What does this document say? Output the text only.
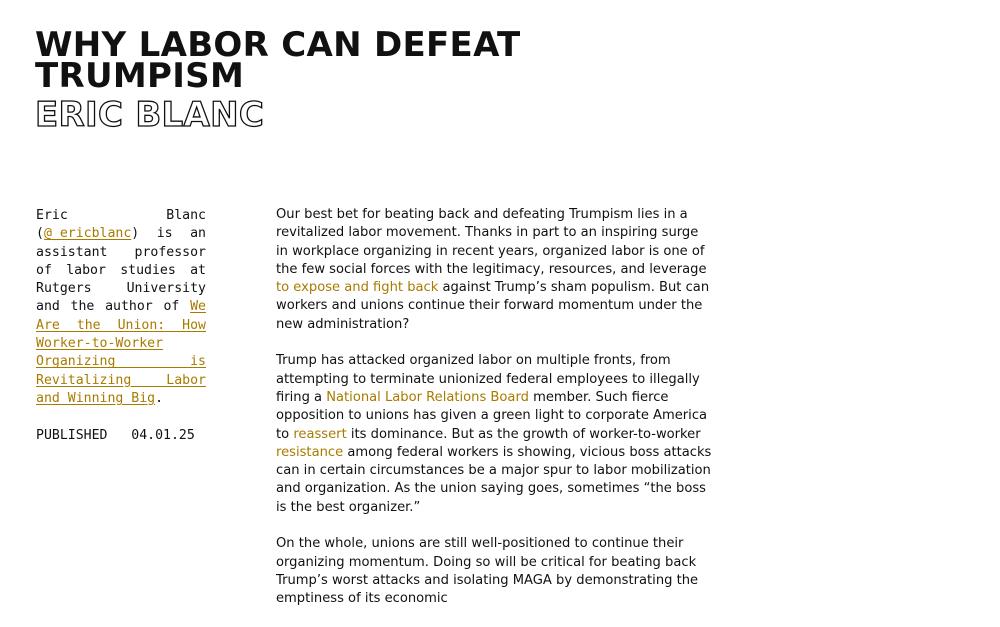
WHY LABOR CAN DEFEAT TRUMPISM
ERIC BLANC
Eric Blanc (@_ericblanc) is an assistant professor of labor studies at Rutgers University and the author of We Are the Union: How Worker-to-Worker Organizing is Revitalizing Labor and Winning Big.
PUBLISHED 04.01.25

Our best bet for beating back and defeating Trumpism lies in a revitalized labor movement. Thanks in part to an inspiring surge in workplace organizing in recent years, organized labor is one of the few social forces with the legitimacy, resources, and leverage to expose and fight back against Trump’s sham populism. But can workers and unions continue their forward momentum under the new administration?

Trump has attacked organized labor on multiple fronts, from attempting to terminate unionized federal employees to illegally firing a National Labor Relations Board member. Such fierce opposition to unions has given a green light to corporate America to reassert its dominance. But as the growth of worker-to-worker resistance among federal workers is showing, vicious boss attacks can in certain circumstances be a major spur to labor mobilization and organization. As the union saying goes, sometimes “the boss is the best organizer.”

On the whole, unions are still well-positioned to continue their organizing momentum. Doing so will be critical for beating back Trump’s worst attacks and isolating MAGA by demonstrating the emptiness of its economic
